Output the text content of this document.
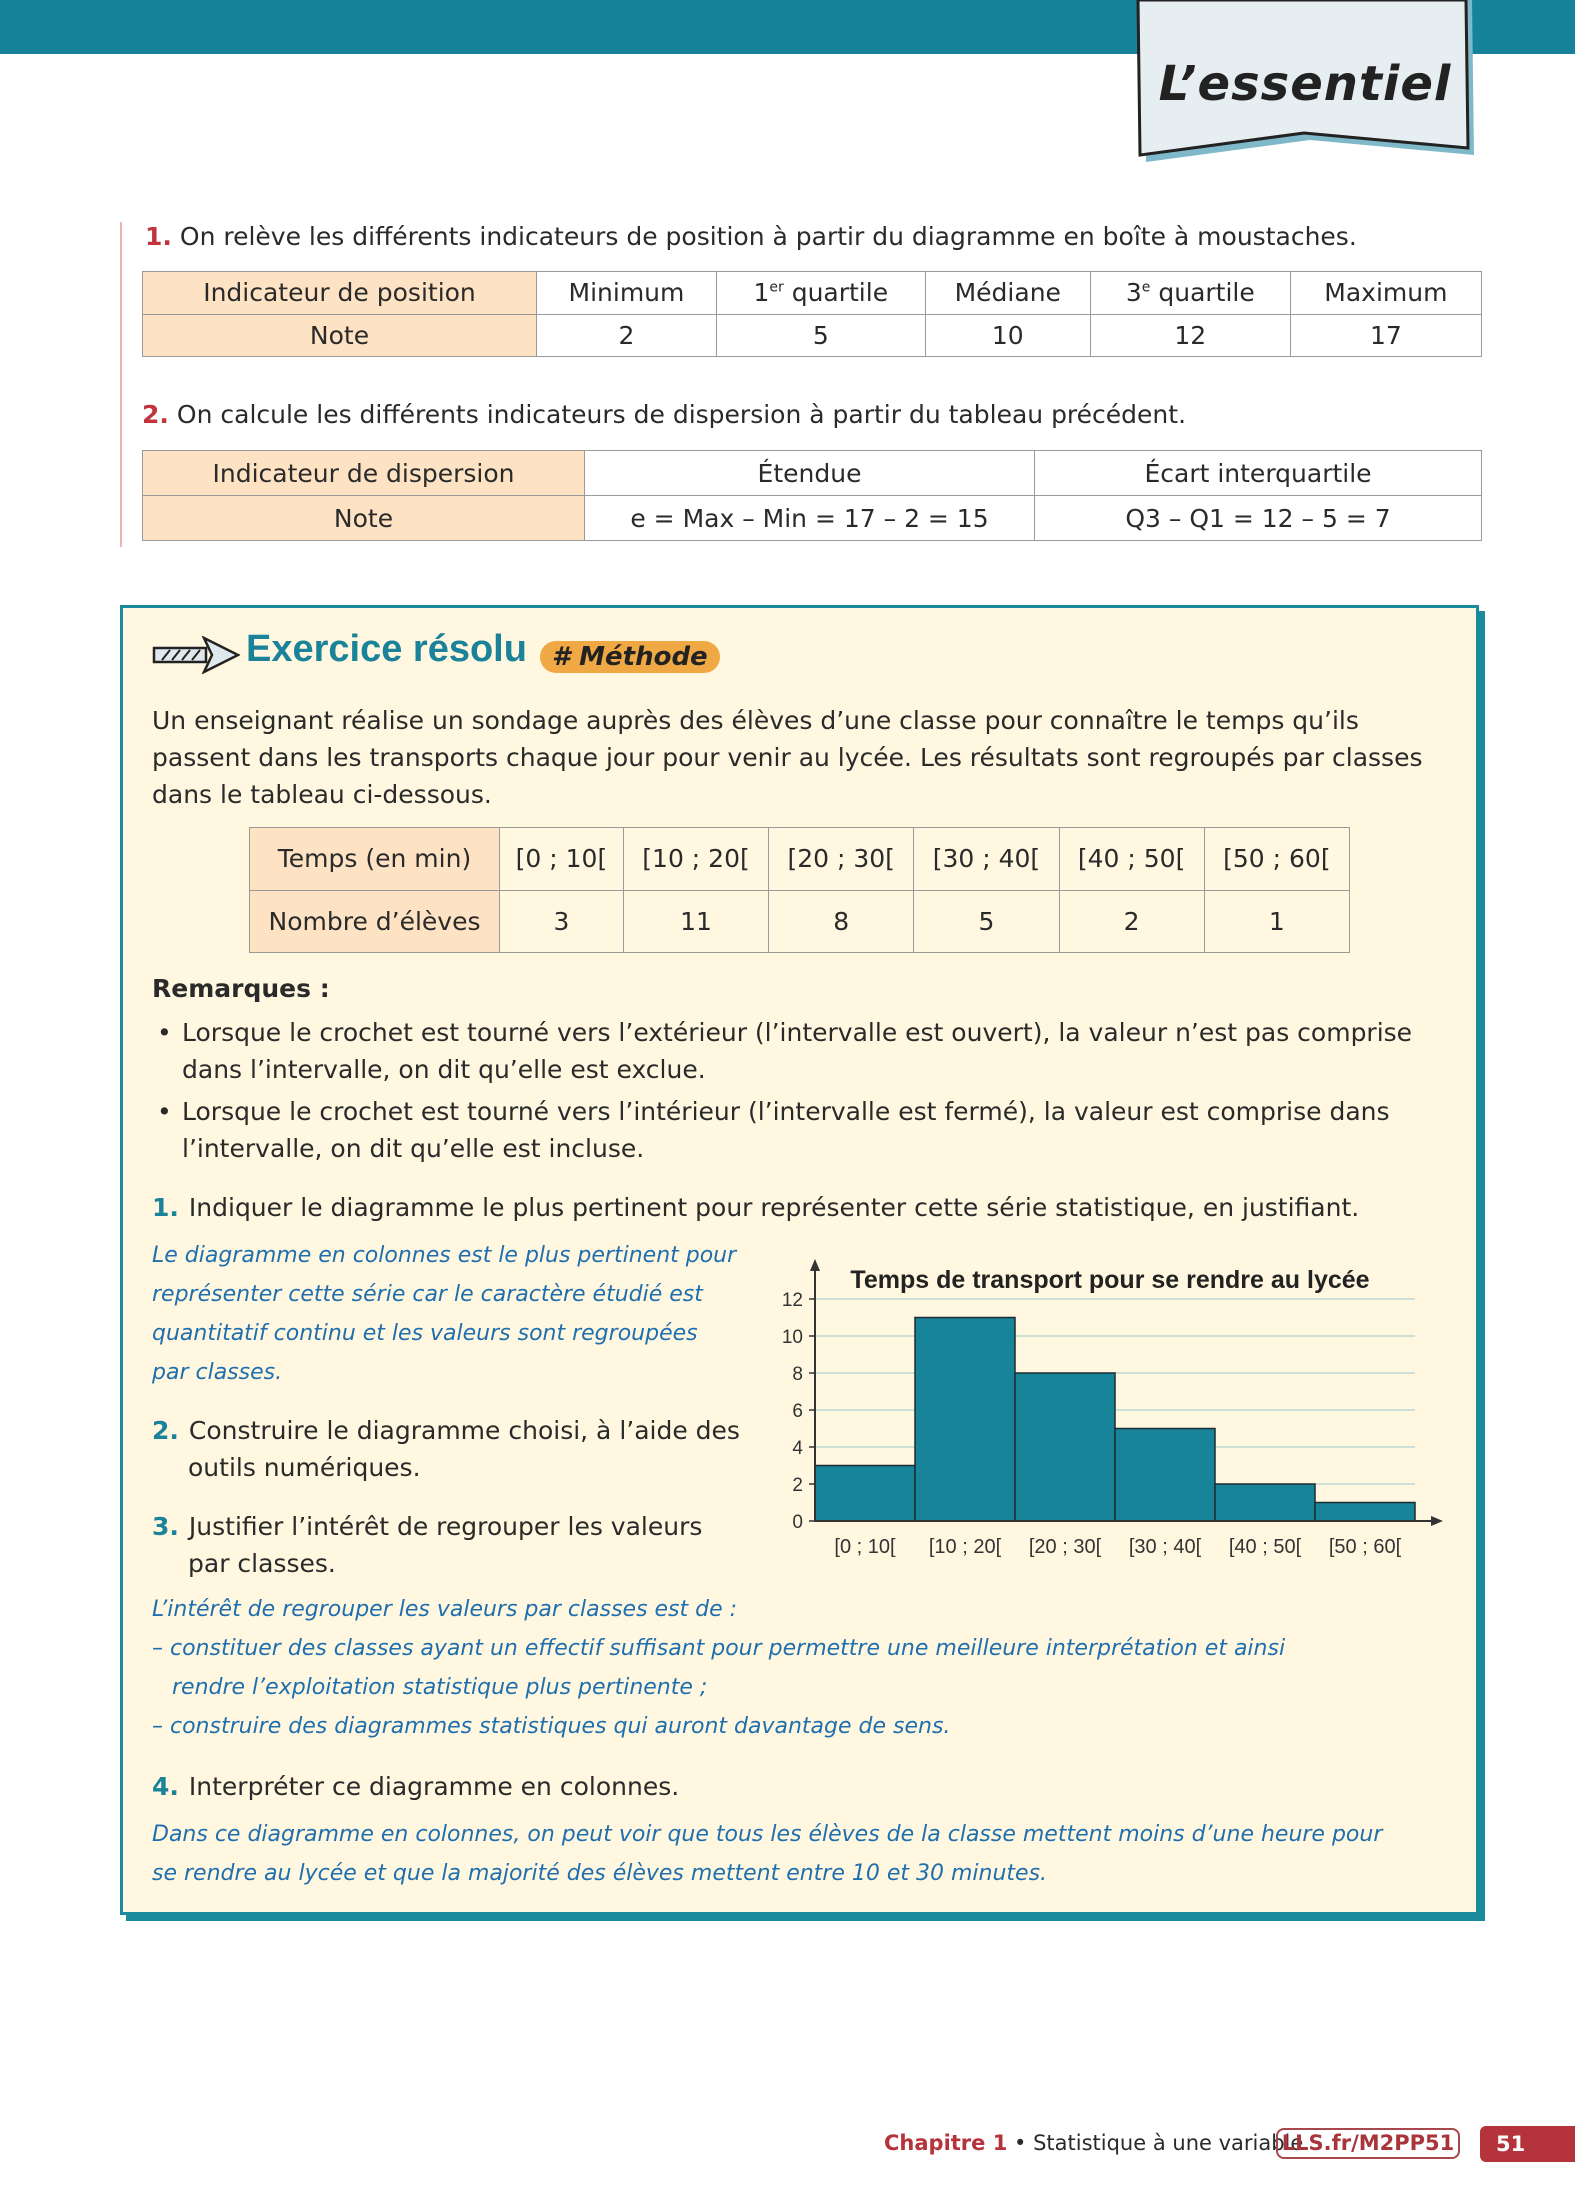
L’essentiel
1. On relève les différents indicateurs de position à partir du diagramme en boîte à moustaches.
Indicateur de position	Minimum	1er quartile	Médiane	3e quartile	Maximum
Note	2	5	10	12	17
2. On calcule les différents indicateurs de dispersion à partir du tableau précédent.
Indicateur de dispersion	Étendue	Écart interquartile
Note	e = Max – Min = 17 – 2 = 15	Q3 – Q1 = 12 – 5 = 7
Exercice résolu # Méthode
Un enseignant réalise un sondage auprès des élèves d’une classe pour connaître le temps qu’ils passent dans les transports chaque jour pour venir au lycée. Les résultats sont regroupés par classes dans le tableau ci-dessous.
Temps (en min)	[0 ; 10[	[10 ; 20[	[20 ; 30[	[30 ; 40[	[40 ; 50[	[50 ; 60[
Nombre d’élèves	3	11	8	5	2	1
Remarques :
• Lorsque le crochet est tourné vers l’extérieur (l’intervalle est ouvert), la valeur n’est pas comprise dans l’intervalle, on dit qu’elle est exclue.
• Lorsque le crochet est tourné vers l’intérieur (l’intervalle est fermé), la valeur est comprise dans l’intervalle, on dit qu’elle est incluse.
1. Indiquer le diagramme le plus pertinent pour représenter cette série statistique, en justifiant.
Le diagramme en colonnes est le plus pertinent pour représenter cette série car le caractère étudié est quantitatif continu et les valeurs sont regroupées par classes.
2. Construire le diagramme choisi, à l’aide des outils numériques.
3. Justifier l’intérêt de regrouper les valeurs par classes.
Temps de transport pour se rendre au lycée
0
2
4
6
8
10
12
[0 ; 10[ [10 ; 20[ [20 ; 30[ [30 ; 40[ [40 ; 50[ [50 ; 60[
L’intérêt de regrouper les valeurs par classes est de :
– constituer des classes ayant un effectif suffisant pour permettre une meilleure interprétation et ainsi
rendre l’exploitation statistique plus pertinente ;
– construire des diagrammes statistiques qui auront davantage de sens.
4. Interpréter ce diagramme en colonnes.
Dans ce diagramme en colonnes, on peut voir que tous les élèves de la classe mettent moins d’une heure pour
se rendre au lycée et que la majorité des élèves mettent entre 10 et 30 minutes.
Chapitre 1 • Statistique à une variable
LLS.fr/M2PP51	51
